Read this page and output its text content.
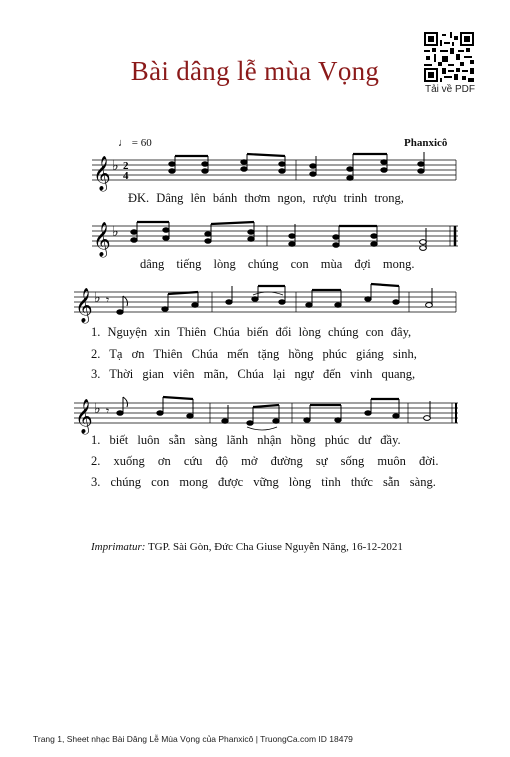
Bài dâng lễ mùa Vọng
Tải về PDF
Phanxicô
♩ = 60
𝄞 ♭ 2
4
ĐK. Dâng lên bánh thơm ngon, rượu trinh trong,
𝄞 ♭
dâng tiếng lòng chúng con mùa đợi mong.
𝄞 ♭ 𝄾
1. Nguyện xin Thiên Chúa biến đổi lòng chúng con đây,
2. Tạ ơn Thiên Chúa mến tặng hồng phúc giáng sinh,
3. Thời gian viên mãn, Chúa lại ngự đến vinh quang,
𝄞 ♭ 𝄾
1. biết luôn sẵn sàng lãnh nhận hồng phúc dư đầy.
2. xuống ơn cứu độ mở đường sự sống muôn đời.
3. chúng con mong được vững lòng tỉnh thức sẵn sàng.
Imprimatur: TGP. Sài Gòn, Đức Cha Giuse Nguyễn Năng, 16-12-2021
Trang 1, Sheet nhạc Bài Dâng Lễ Mùa Vọng của Phanxicô | TruongCa.com ID 18479
